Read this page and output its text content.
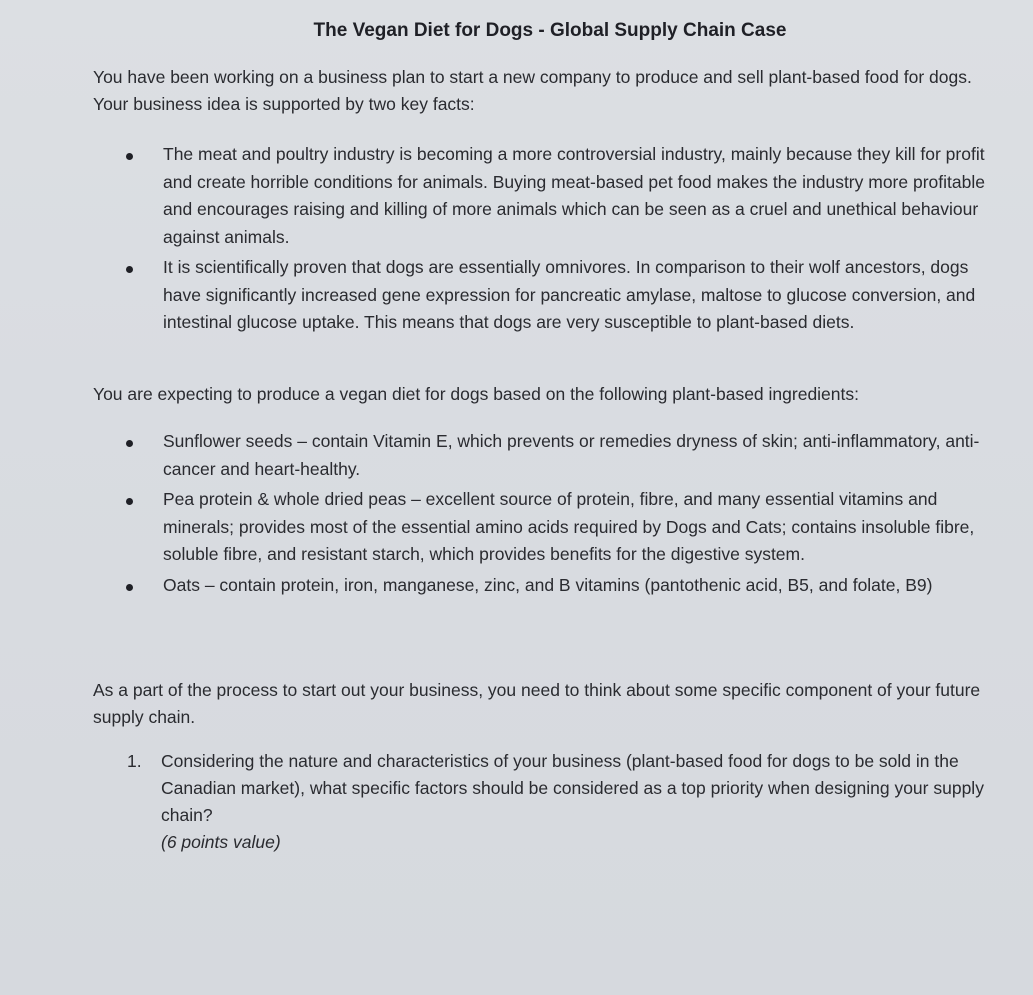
The Vegan Diet for Dogs - Global Supply Chain Case
You have been working on a business plan to start a new company to produce and sell plant-based food for dogs. Your business idea is supported by two key facts:
The meat and poultry industry is becoming a more controversial industry, mainly because they kill for profit and create horrible conditions for animals. Buying meat-based pet food makes the industry more profitable and encourages raising and killing of more animals which can be seen as a cruel and unethical behaviour against animals.
It is scientifically proven that dogs are essentially omnivores. In comparison to their wolf ancestors, dogs have significantly increased gene expression for pancreatic amylase, maltose to glucose conversion, and intestinal glucose uptake. This means that dogs are very susceptible to plant-based diets.
You are expecting to produce a vegan diet for dogs based on the following plant-based ingredients:
Sunflower seeds – contain Vitamin E, which prevents or remedies dryness of skin; anti-inflammatory, anti-cancer and heart-healthy.
Pea protein & whole dried peas – excellent source of protein, fibre, and many essential vitamins and minerals; provides most of the essential amino acids required by Dogs and Cats; contains insoluble fibre, soluble fibre, and resistant starch, which provides benefits for the digestive system.
Oats – contain protein, iron, manganese, zinc, and B vitamins (pantothenic acid, B5, and folate, B9)
As a part of the process to start out your business, you need to think about some specific component of your future supply chain.
1. Considering the nature and characteristics of your business (plant-based food for dogs to be sold in the Canadian market), what specific factors should be considered as a top priority when designing your supply chain?
(6 points value)
